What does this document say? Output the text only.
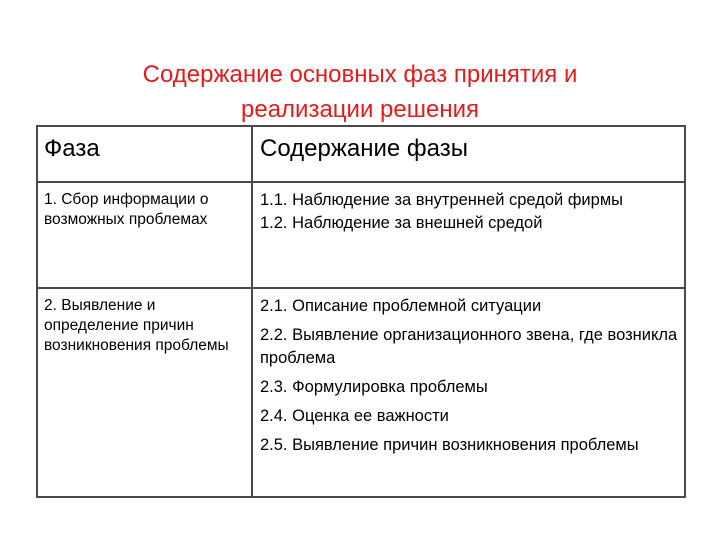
Содержание основных фаз принятия и
реализации решения
Фаза	Содержание фазы

1. Сбор информации о возможных проблемах	1.1. Наблюдение за внутренней средой фирмы
1.2. Наблюдение за внешней средой

2. Выявление и определение причин возникновения проблемы	2.1. Описание проблемной ситуации
2.2. Выявление организационного звена, где возникла проблема
2.3. Формулировка проблемы
2.4. Оценка ее важности
2.5. Выявление причин возникновения проблемы
